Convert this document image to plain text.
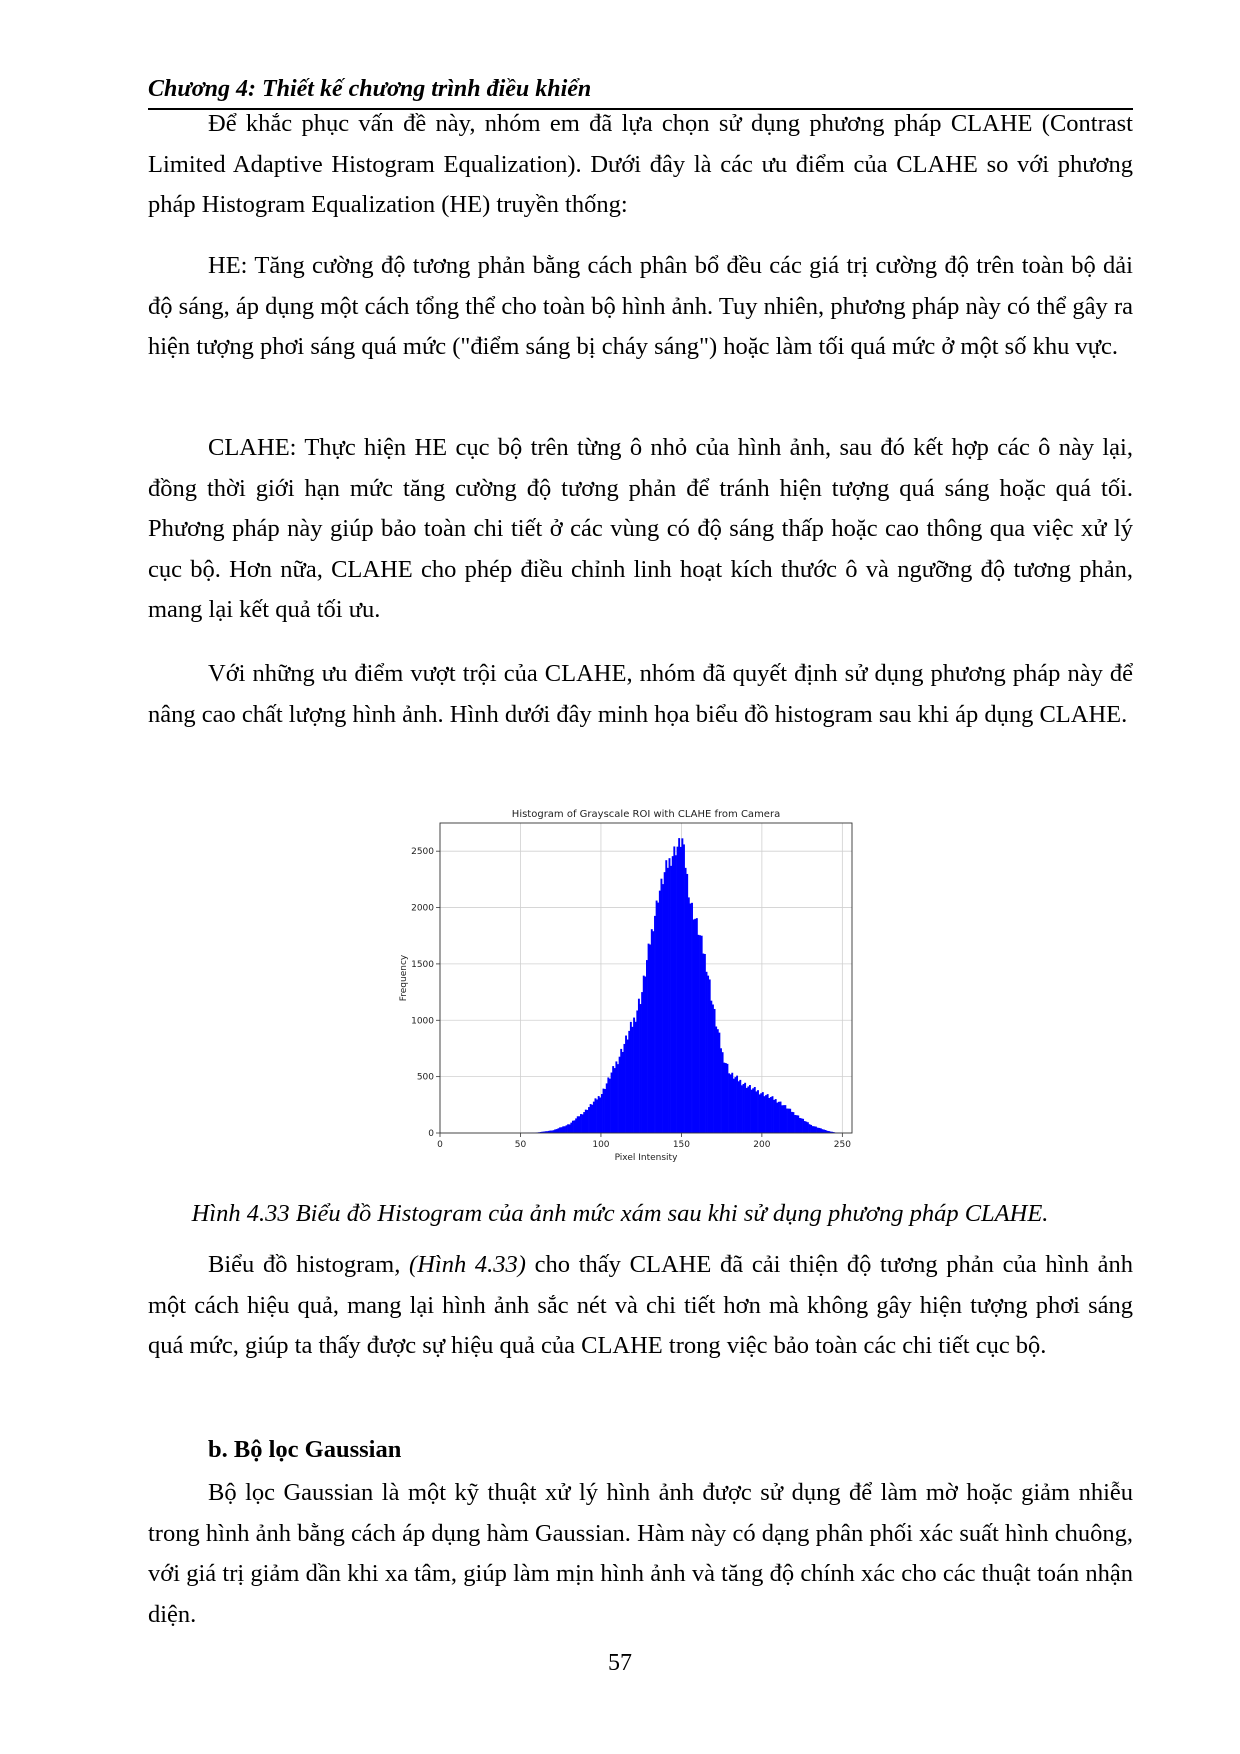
Chương 4: Thiết kế chương trình điều khiển

Để khắc phục vấn đề này, nhóm em đã lựa chọn sử dụng phương pháp CLAHE (Contrast Limited Adaptive Histogram Equalization). Dưới đây là các ưu điểm của CLAHE so với phương pháp Histogram Equalization (HE) truyền thống:

HE: Tăng cường độ tương phản bằng cách phân bổ đều các giá trị cường độ trên toàn bộ dải độ sáng, áp dụng một cách tổng thể cho toàn bộ hình ảnh. Tuy nhiên, phương pháp này có thể gây ra hiện tượng phơi sáng quá mức ("điểm sáng bị cháy sáng") hoặc làm tối quá mức ở một số khu vực.

CLAHE: Thực hiện HE cục bộ trên từng ô nhỏ của hình ảnh, sau đó kết hợp các ô này lại, đồng thời giới hạn mức tăng cường độ tương phản để tránh hiện tượng quá sáng hoặc quá tối. Phương pháp này giúp bảo toàn chi tiết ở các vùng có độ sáng thấp hoặc cao thông qua việc xử lý cục bộ. Hơn nữa, CLAHE cho phép điều chỉnh linh hoạt kích thước ô và ngưỡng độ tương phản, mang lại kết quả tối ưu.

Với những ưu điểm vượt trội của CLAHE, nhóm đã quyết định sử dụng phương pháp này để nâng cao chất lượng hình ảnh. Hình dưới đây minh họa biểu đồ histogram sau khi áp dụng CLAHE.

Histogram of Grayscale ROI with CLAHE from Camera
0	50	100	150	200	250
0
500
1000
1500
2000
2500
Pixel Intensity
Frequency
Hình 4.33 Biểu đồ Histogram của ảnh mức xám sau khi sử dụng phương pháp CLAHE.

Biểu đồ histogram, (Hình 4.33) cho thấy CLAHE đã cải thiện độ tương phản của hình ảnh một cách hiệu quả, mang lại hình ảnh sắc nét và chi tiết hơn mà không gây hiện tượng phơi sáng quá mức, giúp ta thấy được sự hiệu quả của CLAHE trong việc bảo toàn các chi tiết cục bộ.

b. Bộ lọc Gaussian

Bộ lọc Gaussian là một kỹ thuật xử lý hình ảnh được sử dụng để làm mờ hoặc giảm nhiễu trong hình ảnh bằng cách áp dụng hàm Gaussian. Hàm này có dạng phân phối xác suất hình chuông, với giá trị giảm dần khi xa tâm, giúp làm mịn hình ảnh và tăng độ chính xác cho các thuật toán nhận diện.

57
